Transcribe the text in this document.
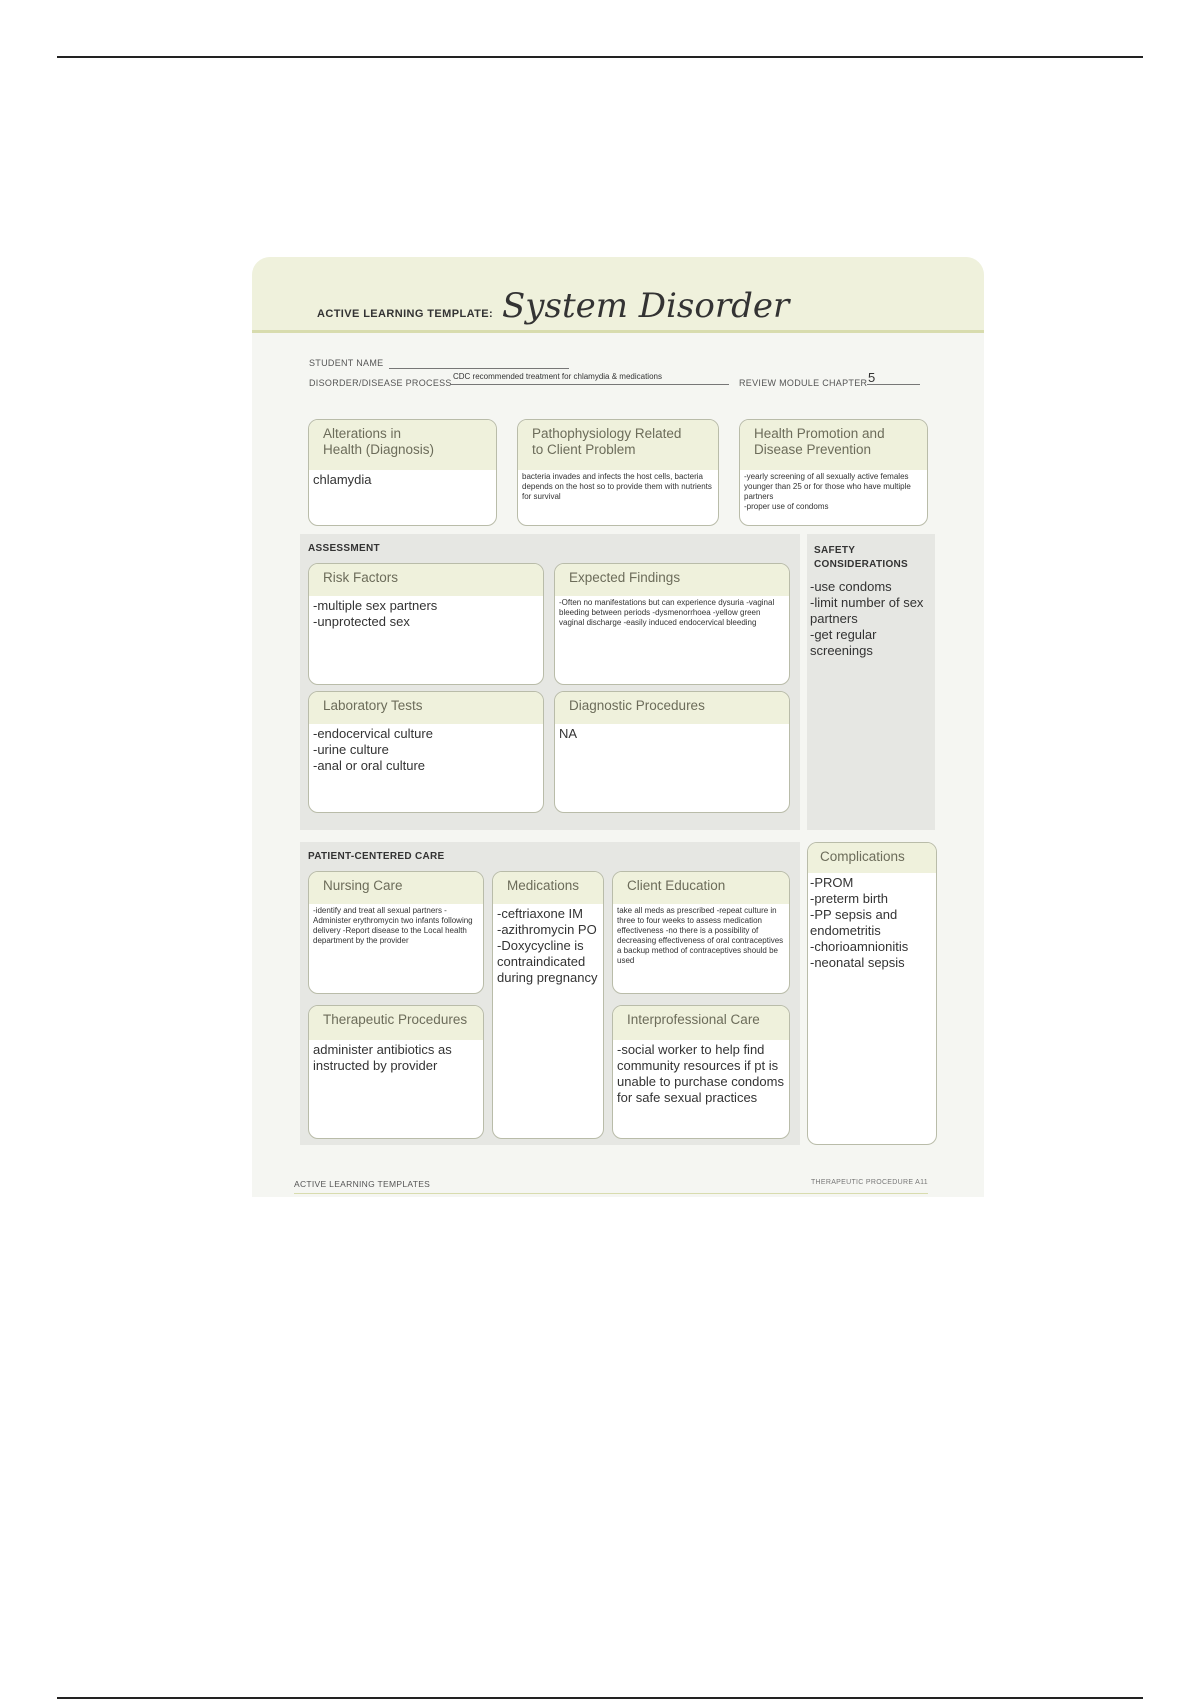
ACTIVE LEARNING TEMPLATE: System Disorder
STUDENT NAME
DISORDER/DISEASE PROCESS
CDC recommended treatment for chlamydia & medications
REVIEW MODULE CHAPTER 5
Alterations in
Health (Diagnosis)
chlamydia
Pathophysiology Related
to Client Problem
bacteria invades and infects the host cells, bacteria depends on the host so to provide them with nutrients for survival
Health Promotion and
Disease Prevention
-yearly screening of all sexually active females younger than 25 or for those who have multiple partners
-proper use of condoms
ASSESSMENT
Risk Factors
-multiple sex partners
-unprotected sex
Expected Findings
-Often no manifestations but can experience dysuria -vaginal bleeding between periods -dysmenorrhoea -yellow green vaginal discharge -easily induced endocervical bleeding
Laboratory Tests
-endocervical culture
-urine culture
-anal or oral culture
Diagnostic Procedures
NA
SAFETY
CONSIDERATIONS
-use condoms
-limit number of sex partners
-get regular screenings
PATIENT-CENTERED CARE
Nursing Care
-identify and treat all sexual partners -Administer erythromycin two infants following delivery -Report disease to the Local health department by the provider
Medications
-ceftriaxone IM
-azithromycin PO
-Doxycycline is contraindicated during pregnancy
Client Education
take all meds as prescribed -repeat culture in three to four weeks to assess medication effectiveness -no there is a possibility of decreasing effectiveness of oral contraceptives a backup method of contraceptives should be used
Therapeutic Procedures
administer antibiotics as instructed by provider
Interprofessional Care
-social worker to help find community resources if pt is unable to purchase condoms for safe sexual practices
Complications
-PROM
-preterm birth
-PP sepsis and endometritis
-chorioamnionitis
-neonatal sepsis
ACTIVE LEARNING TEMPLATES	THERAPEUTIC PROCEDURE A11
